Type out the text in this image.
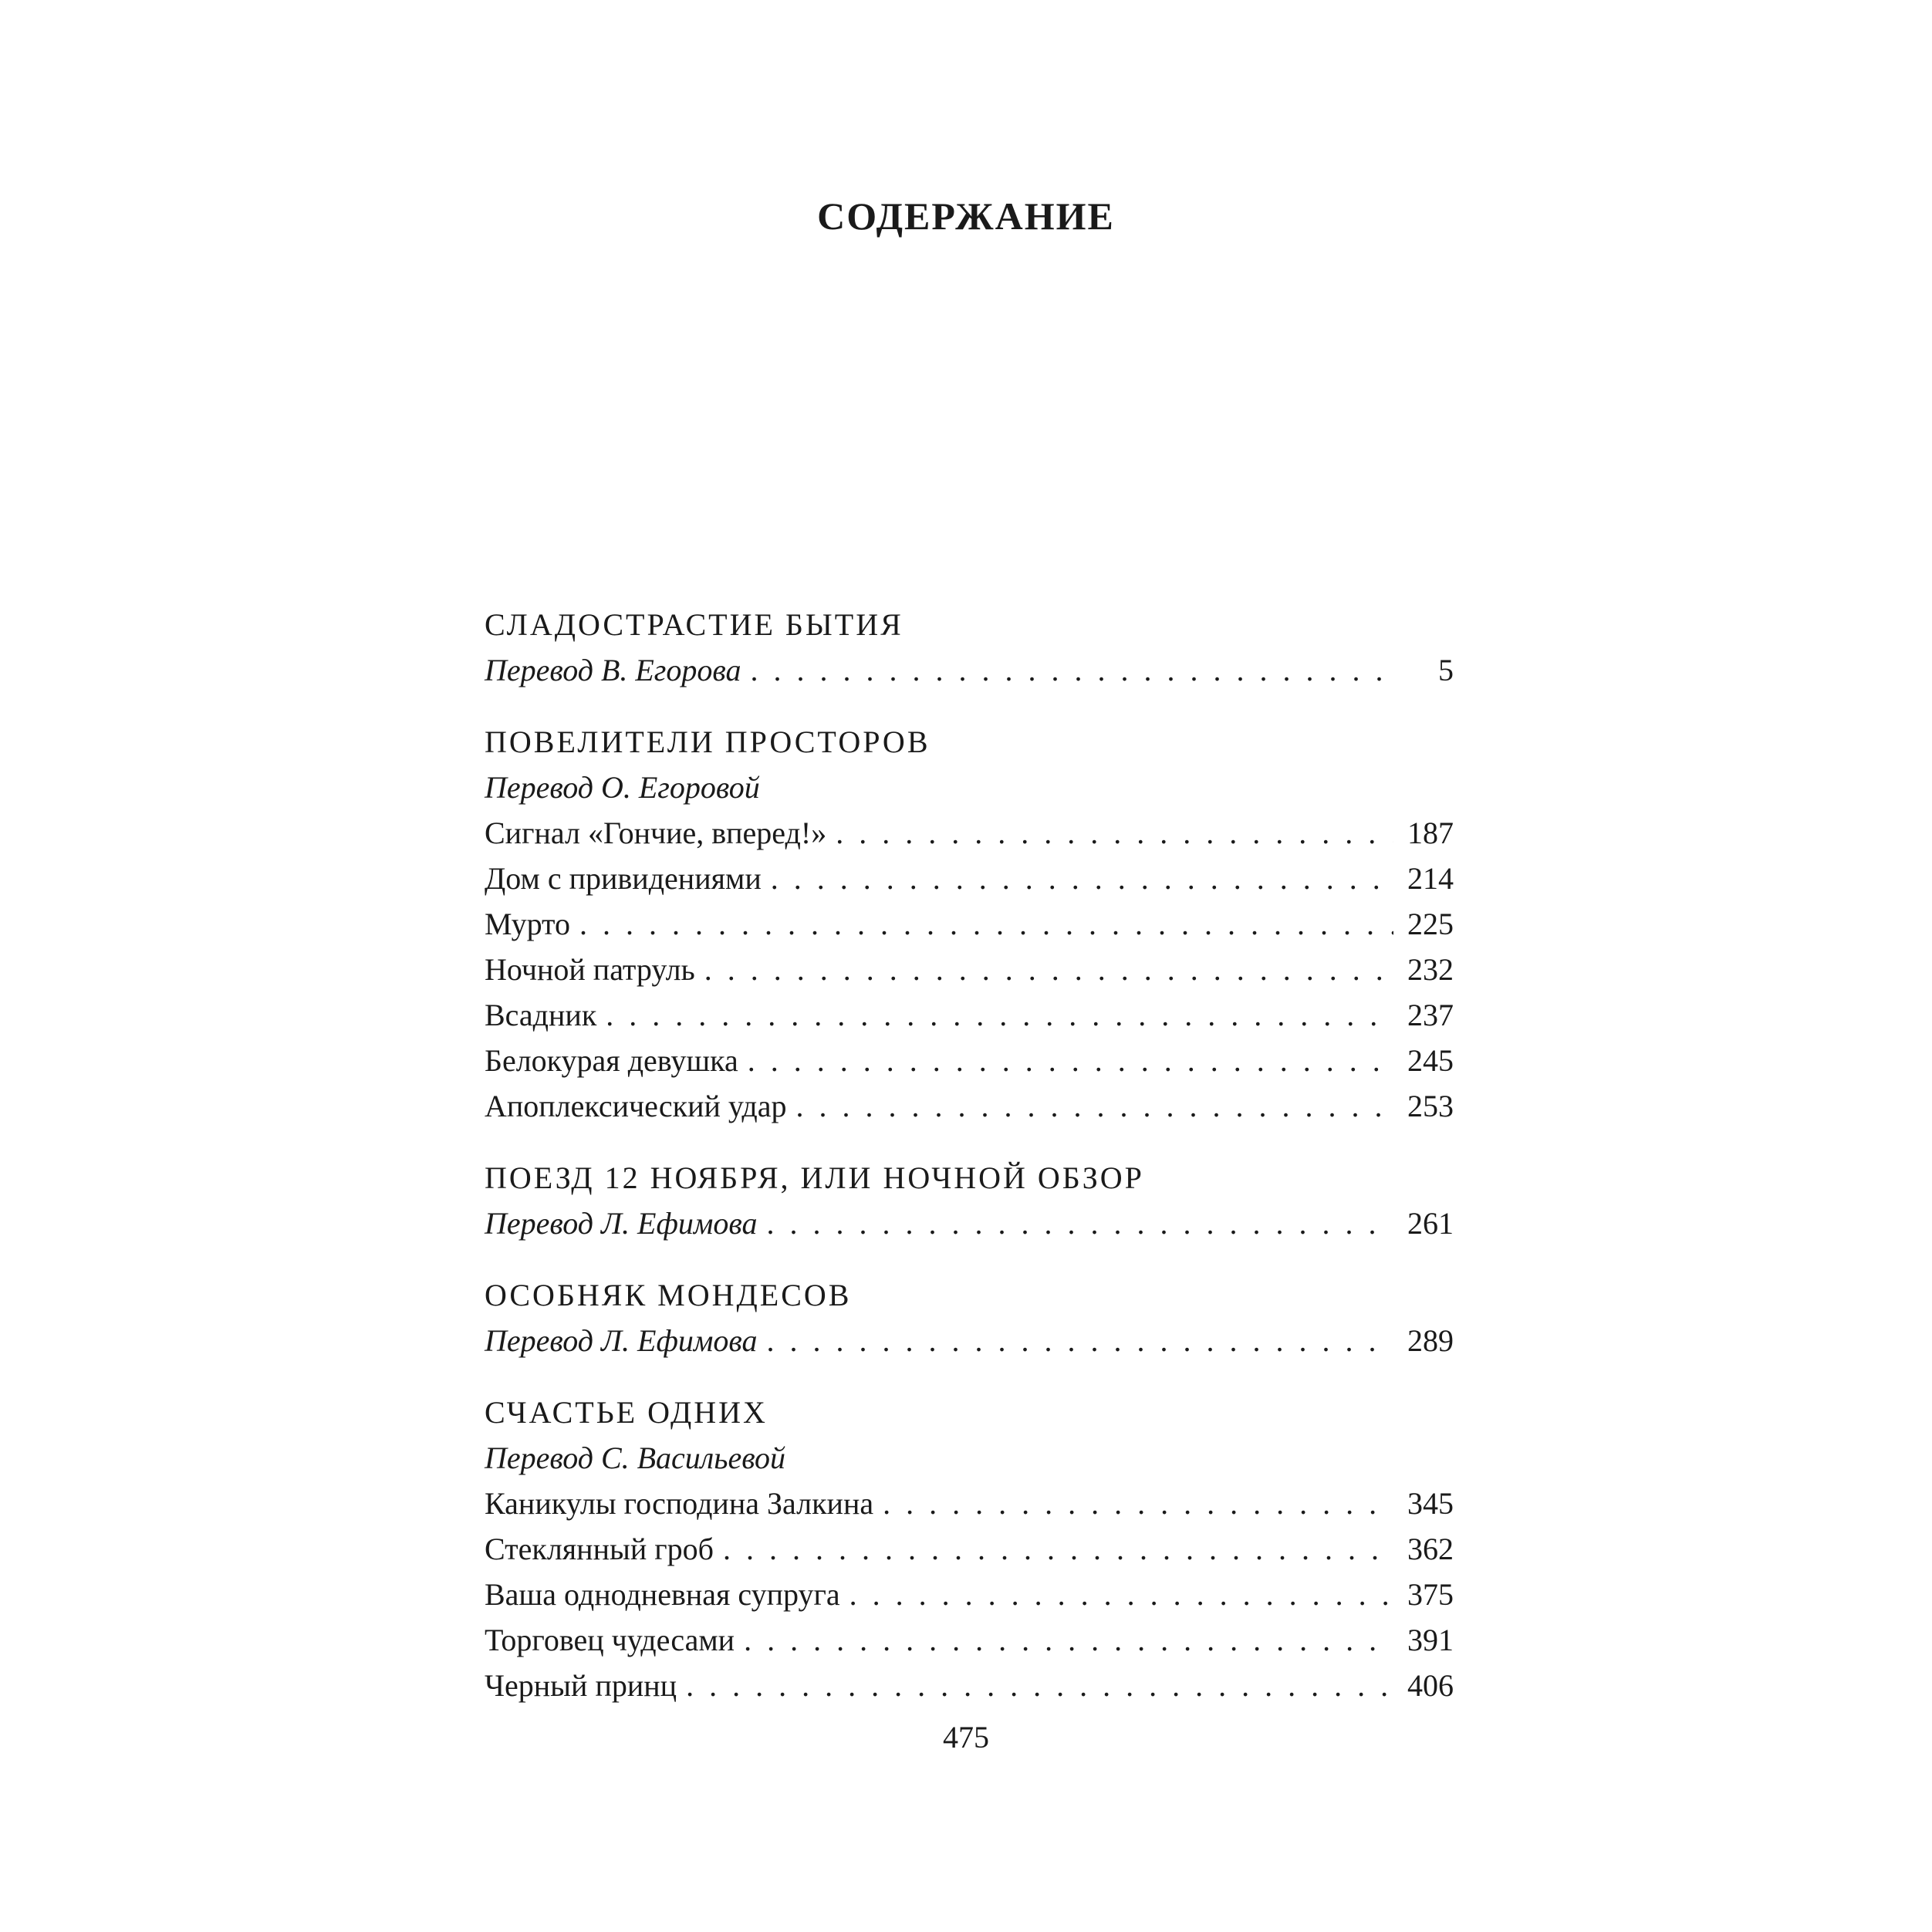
СОДЕРЖАНИЕ
СЛАДОСТРАСТИЕ БЫТИЯ
Перевод В. Егорова . . .	5
ПОВЕЛИТЕЛИ ПРОСТОРОВ
Перевод О. Егоровой
Сигнал «Гончие, вперед!» . . .	187
Дом с привидениями . . .	214
Мурто . . .	225
Ночной патруль . . .	232
Всадник . . .	237
Белокурая девушка . . .	245
Апоплексический удар . . .	253
ПОЕЗД 12 НОЯБРЯ, ИЛИ НОЧНОЙ ОБЗОР
Перевод Л. Ефимова . . .	261
ОСОБНЯК МОНДЕСОВ
Перевод Л. Ефимова . . .	289
СЧАСТЬЕ ОДНИХ
Перевод С. Васильевой
Каникулы господина Залкина . . .	345
Стеклянный гроб . . .	362
Ваша однодневная супруга . . .	375
Торговец чудесами . . .	391
Черный принц . . .	406
475
